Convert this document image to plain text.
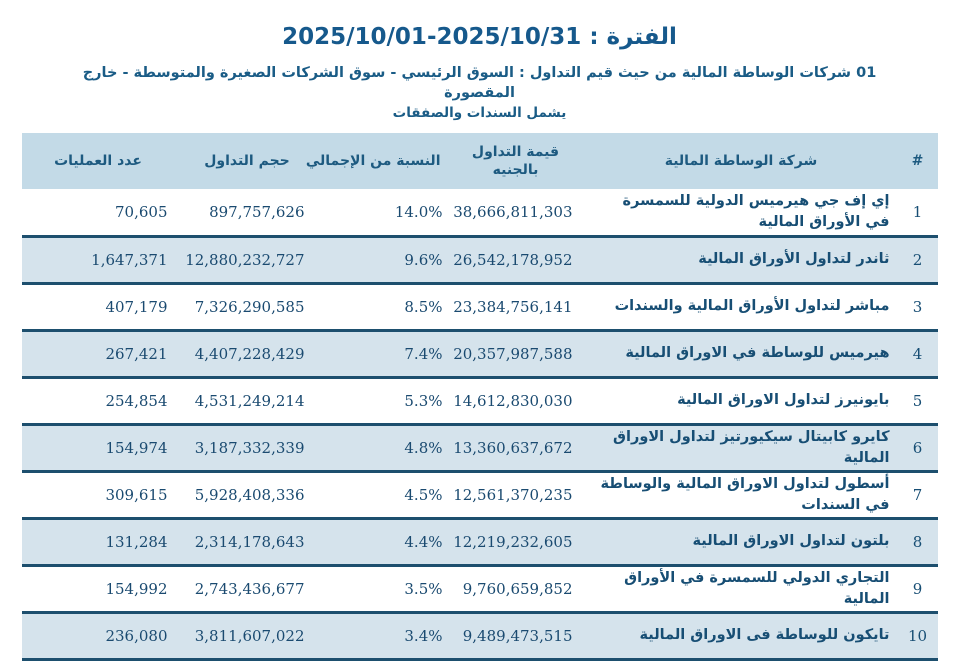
الفترة : 2025/10/31-2025/10/01
01 شركات الوساطة المالية من حيث قيم التداول : السوق الرئيسي - سوق الشركات الصغيرة والمتوسطة - خارج المقصورة
يشمل السندات والصفقات
#	شركة الوساطة المالية	قيمة التداول بالجنيه	النسبة من الإجمالي	حجم التداول	عدد العمليات
1	إي إف جي هيرميس الدولية للسمسرة في الأوراق المالية	38,666,811,303	14.0%	897,757,626	70,605
2	ثاندر لتداول الأوراق المالية	26,542,178,952	9.6%	12,880,232,727	1,647,371
3	مباشر لتداول الأوراق المالية والسندات	23,384,756,141	8.5%	7,326,290,585	407,179
4	هيرميس للوساطة في الاوراق المالية	20,357,987,588	7.4%	4,407,228,429	267,421
5	بايونيرز لتداول الاوراق المالية	14,612,830,030	5.3%	4,531,249,214	254,854
6	كايرو كابيتال سيكيورتيز لتداول الاوراق المالية	13,360,637,672	4.8%	3,187,332,339	154,974
7	أسطول لتداول الاوراق المالية والوساطة في السندات	12,561,370,235	4.5%	5,928,408,336	309,615
8	بلتون لتداول الاوراق المالية	12,219,232,605	4.4%	2,314,178,643	131,284
9	التجاري الدولي للسمسرة في الأوراق المالية	9,760,659,852	3.5%	2,743,436,677	154,992
10	تايكون للوساطة فى الاوراق المالية	9,489,473,515	3.4%	3,811,607,022	236,080
